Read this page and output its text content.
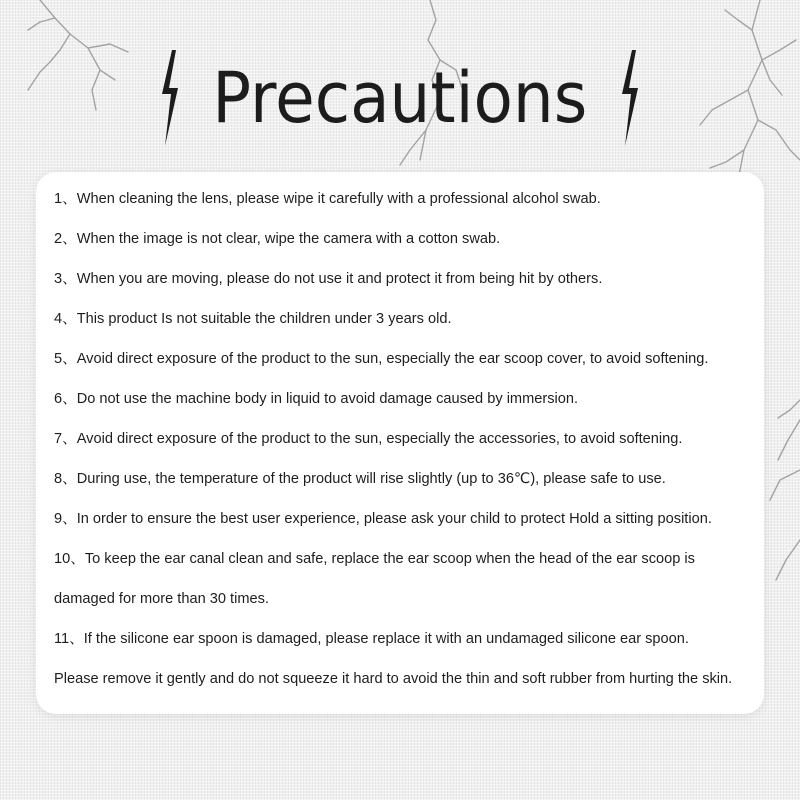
Precautions
1、When cleaning the lens, please wipe it carefully with a professional alcohol swab.
2、When the image is not clear, wipe the camera with a cotton swab.
3、When you are moving, please do not use it and protect it from being hit by others.
4、This product Is not suitable the children under 3 years old.
5、Avoid direct exposure of the product to the sun, especially the ear scoop cover, to avoid softening.
6、Do not use the machine body in liquid to avoid damage caused by immersion.
7、Avoid direct exposure of the product to the sun, especially the accessories, to avoid softening.
8、During use, the temperature of the product will rise slightly (up to 36℃), please safe to use.
9、In order to ensure the best user experience, please ask your child to protect Hold a sitting position.
10、To keep the ear canal clean and safe, replace the ear scoop when the head of the ear scoop is
damaged for more than 30 times.
11、If the silicone ear spoon is damaged, please replace it with an undamaged silicone ear spoon.
Please remove it gently and do not squeeze it hard to avoid the thin and soft rubber from hurting the skin.
